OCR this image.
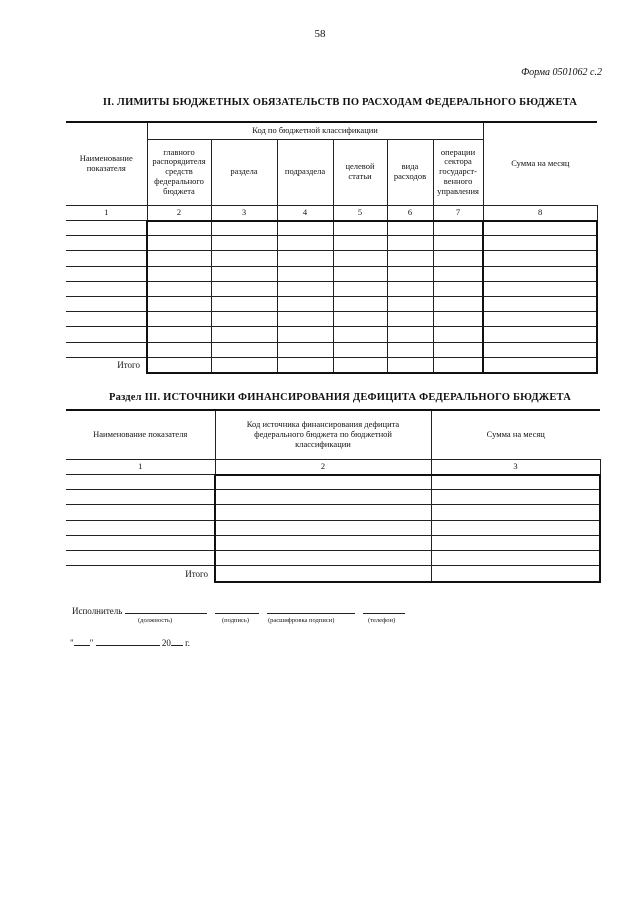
58
Форма 0501062 с.2
II. ЛИМИТЫ БЮДЖЕТНЫХ ОБЯЗАТЕЛЬСТВ ПО РАСХОДАМ ФЕДЕРАЛЬНОГО БЮДЖЕТА
Наименование показателя	Код по бюджетной классификации						Сумма на месяц
	главного распорядителя средств федерального бюджета	раздела	подраздела	целевой статьи	вида расходов	операции сектора государст-венного управления	
1	2	3	4	5	6	7	8

Итого							
Раздел III. ИСТОЧНИКИ ФИНАНСИРОВАНИЯ ДЕФИЦИТА ФЕДЕРАЛЬНОГО БЮДЖЕТА
Наименование показателя	Код источника финансирования дефицита федерального бюджета по бюджетной классификации	Сумма на месяц
1	2	3

Итого		
Исполнитель
(должность)	(подпись)	(расшифровка подписи)	(телефон)
" "	20 г.
